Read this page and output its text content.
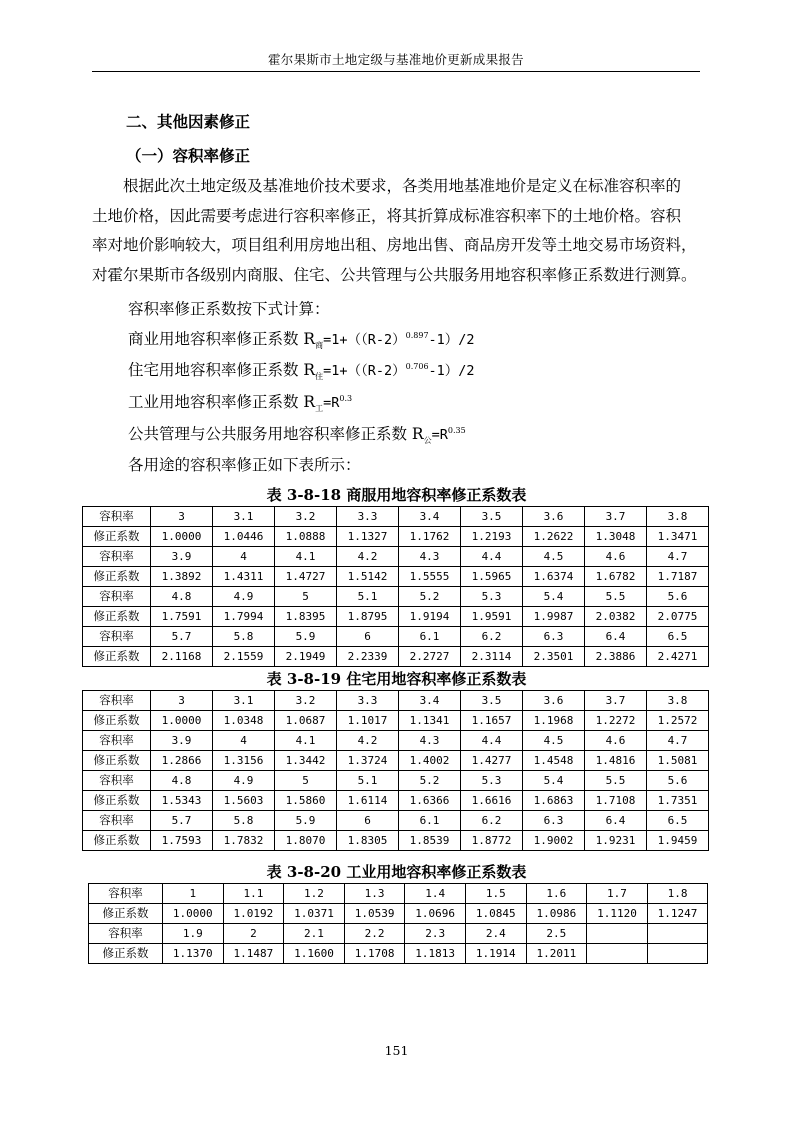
霍尔果斯市土地定级与基准地价更新成果报告
二、其他因素修正
（一）容积率修正
根据此次土地定级及基准地价技术要求，各类用地基准地价是定义在标准容积率的
土地价格，因此需要考虑进行容积率修正，将其折算成标准容积率下的土地价格。容积
率对地价影响较大，项目组利用房地出租、房地出售、商品房开发等土地交易市场资料，
对霍尔果斯市各级别内商服、住宅、公共管理与公共服务用地容积率修正系数进行测算。
容积率修正系数按下式计算：
商业用地容积率修正系数 $R_商=1+((R-2)^{0.897}-1)/2$
住宅用地容积率修正系数 $R_住=1+((R-2)^{0.706}-1)/2$
工业用地容积率修正系数 $R_工=R^{0.3}$
公共管理与公共服务用地容积率修正系数 $R_公=R^{0.35}$
各用途的容积率修正如下表所示：
表 3-8-18 商服用地容积率修正系数表
容积率	3	3.1	3.2	3.3	3.4	3.5	3.6	3.7	3.8
修正系数	1.0000	1.0446	1.0888	1.1327	1.1762	1.2193	1.2622	1.3048	1.3471
容积率	3.9	4	4.1	4.2	4.3	4.4	4.5	4.6	4.7
修正系数	1.3892	1.4311	1.4727	1.5142	1.5555	1.5965	1.6374	1.6782	1.7187
容积率	4.8	4.9	5	5.1	5.2	5.3	5.4	5.5	5.6
修正系数	1.7591	1.7994	1.8395	1.8795	1.9194	1.9591	1.9987	2.0382	2.0775
容积率	5.7	5.8	5.9	6	6.1	6.2	6.3	6.4	6.5
修正系数	2.1168	2.1559	2.1949	2.2339	2.2727	2.3114	2.3501	2.3886	2.4271
表 3-8-19 住宅用地容积率修正系数表
容积率	3	3.1	3.2	3.3	3.4	3.5	3.6	3.7	3.8
修正系数	1.0000	1.0348	1.0687	1.1017	1.1341	1.1657	1.1968	1.2272	1.2572
容积率	3.9	4	4.1	4.2	4.3	4.4	4.5	4.6	4.7
修正系数	1.2866	1.3156	1.3442	1.3724	1.4002	1.4277	1.4548	1.4816	1.5081
容积率	4.8	4.9	5	5.1	5.2	5.3	5.4	5.5	5.6
修正系数	1.5343	1.5603	1.5860	1.6114	1.6366	1.6616	1.6863	1.7108	1.7351
容积率	5.7	5.8	5.9	6	6.1	6.2	6.3	6.4	6.5
修正系数	1.7593	1.7832	1.8070	1.8305	1.8539	1.8772	1.9002	1.9231	1.9459
表 3-8-20 工业用地容积率修正系数表
容积率	1	1.1	1.2	1.3	1.4	1.5	1.6	1.7	1.8
修正系数	1.0000	1.0192	1.0371	1.0539	1.0696	1.0845	1.0986	1.1120	1.1247
容积率	1.9	2	2.1	2.2	2.3	2.4	2.5		
修正系数	1.1370	1.1487	1.1600	1.1708	1.1813	1.1914	1.2011		
151
